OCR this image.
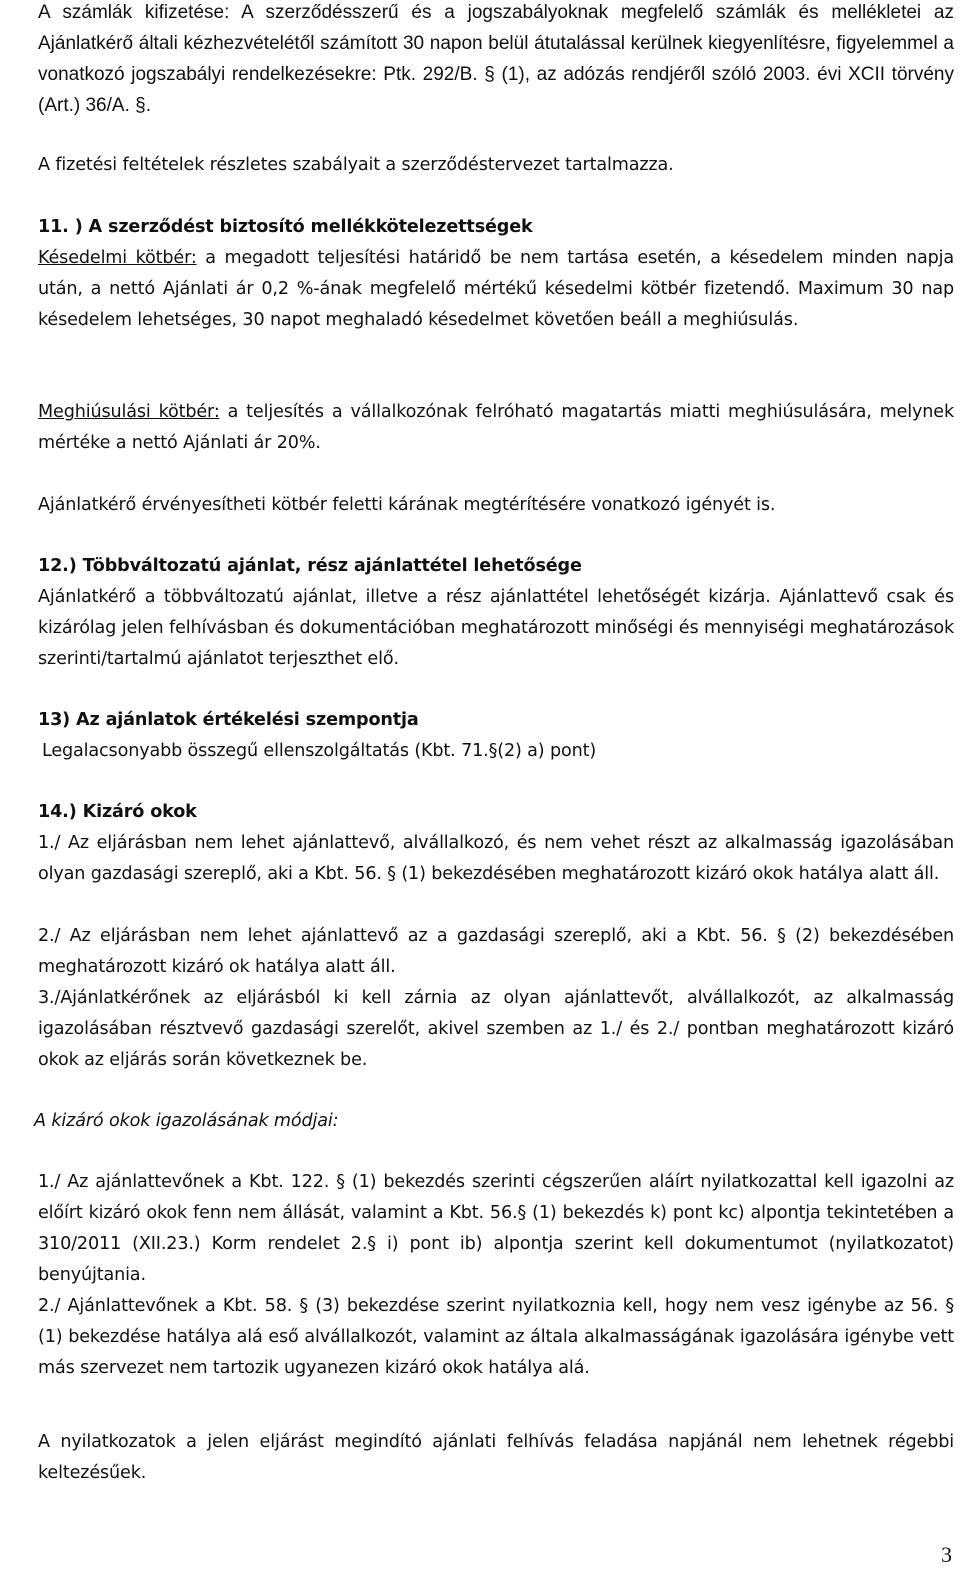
A számlák kifizetése: A szerződésszerű és a jogszabályoknak megfelelő számlák és mellékletei az Ajánlatkérő általi kézhezvételétől számított 30 napon belül átutalással kerülnek kiegyenlítésre, figyelemmel a vonatkozó jogszabályi rendelkezésekre: Ptk. 292/B. § (1), az adózás rendjéről szóló 2003. évi XCII törvény (Art.) 36/A. §.

A fizetési feltételek részletes szabályait a szerződéstervezet tartalmazza.

11. ) A szerződést biztosító mellékkötelezettségek

Késedelmi kötbér: a megadott teljesítési határidő be nem tartása esetén, a késedelem minden napja után, a nettó Ajánlati ár 0,2 %-ának megfelelő mértékű késedelmi kötbér fizetendő. Maximum 30 nap késedelem lehetséges, 30 napot meghaladó késedelmet követően beáll a meghiúsulás.

Meghiúsulási kötbér: a teljesítés a vállalkozónak felróható magatartás miatti meghiúsulására, melynek mértéke a nettó Ajánlati ár 20%.

Ajánlatkérő érvényesítheti kötbér feletti kárának megtérítésére vonatkozó igényét is.

12.) Többváltozatú ajánlat, rész ajánlattétel lehetősége

Ajánlatkérő a többváltozatú ajánlat, illetve a rész ajánlattétel lehetőségét kizárja. Ajánlattevő csak és kizárólag jelen felhívásban és dokumentációban meghatározott minőségi és mennyiségi meghatározások szerinti/tartalmú ajánlatot terjeszthet elő.

13) Az ajánlatok értékelési szempontja

Legalacsonyabb összegű ellenszolgáltatás (Kbt. 71.§(2) a) pont)

14.) Kizáró okok

1./ Az eljárásban nem lehet ajánlattevő, alvállalkozó, és nem vehet részt az alkalmasság igazolásában olyan gazdasági szereplő, aki a Kbt. 56. § (1) bekezdésében meghatározott kizáró okok hatálya alatt áll.

2./ Az eljárásban nem lehet ajánlattevő az a gazdasági szereplő, aki a Kbt. 56. § (2) bekezdésében meghatározott kizáró ok hatálya alatt áll.

3./Ajánlatkérőnek az eljárásból ki kell zárnia az olyan ajánlattevőt, alvállalkozót, az alkalmasság igazolásában résztvevő gazdasági szerelőt, akivel szemben az 1./ és 2./ pontban meghatározott kizáró okok az eljárás során következnek be.

A kizáró okok igazolásának módjai:

1./ Az ajánlattevőnek a Kbt. 122. § (1) bekezdés szerinti cégszerűen aláírt nyilatkozattal kell igazolni az előírt kizáró okok fenn nem állását, valamint a Kbt. 56.§ (1) bekezdés k) pont kc) alpontja tekintetében a 310/2011 (XII.23.) Korm rendelet 2.§ i) pont ib) alpontja szerint kell dokumentumot (nyilatkozatot) benyújtania.

2./ Ajánlattevőnek a Kbt. 58. § (3) bekezdése szerint nyilatkoznia kell, hogy nem vesz igénybe az 56. § (1) bekezdése hatálya alá eső alvállalkozót, valamint az általa alkalmasságának igazolására igénybe vett más szervezet nem tartozik ugyanezen kizáró okok hatálya alá.

A nyilatkozatok a jelen eljárást megindító ajánlati felhívás feladása napjánál nem lehetnek régebbi keltezésűek.

3
